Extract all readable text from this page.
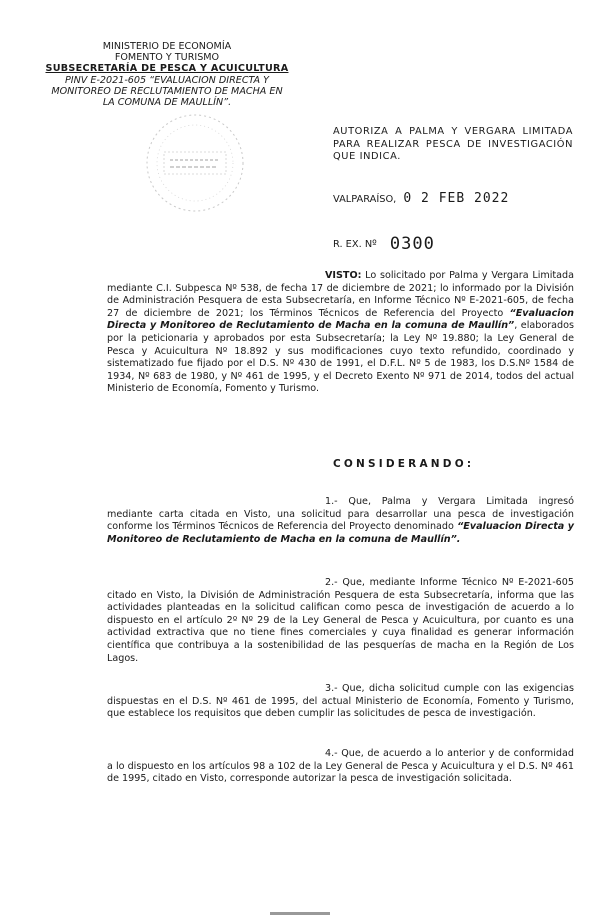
MINISTERIO DE ECONOMÍA
FOMENTO Y TURISMO
SUBSECRETARÍA DE PESCA Y ACUICULTURA
PINV E-2021-605 “EVALUACION DIRECTA Y
MONITOREO DE RECLUTAMIENTO DE MACHA EN
LA COMUNA DE MAULLÍN”.
AUTORIZA A PALMA Y VERGARA LIMITADA PARA REALIZAR PESCA DE INVESTIGACIÓN QUE INDICA.
VALPARAÍSO, 0 2 FEB 2022
R. EX. Nº 0300
VISTO: Lo solicitado por Palma y Vergara Limitada mediante C.I. Subpesca Nº 538, de fecha 17 de diciembre de 2021; lo informado por la División de Administración Pesquera de esta Subsecretaría, en Informe Técnico Nº E-2021-605, de fecha 27 de diciembre de 2021; los Términos Técnicos de Referencia del Proyecto “Evaluacion Directa y Monitoreo de Reclutamiento de Macha en la comuna de Maullín”, elaborados por la peticionaria y aprobados por esta Subsecretaría; la Ley Nº 19.880; la Ley General de Pesca y Acuicultura Nº 18.892 y sus modificaciones cuyo texto refundido, coordinado y sistematizado fue fijado por el D.S. Nº 430 de 1991, el D.F.L. Nº 5 de 1983, los D.S.Nº 1584 de 1934, Nº 683 de 1980, y Nº 461 de 1995, y el Decreto Exento Nº 971 de 2014, todos del actual Ministerio de Economía, Fomento y Turismo.
CONSIDERANDO:
1.- Que, Palma y Vergara Limitada ingresó mediante carta citada en Visto, una solicitud para desarrollar una pesca de investigación conforme los Términos Técnicos de Referencia del Proyecto denominado “Evaluacion Directa y Monitoreo de Reclutamiento de Macha en la comuna de Maullín”.
2.- Que, mediante Informe Técnico Nº E-2021-605 citado en Visto, la División de Administración Pesquera de esta Subsecretaría, informa que las actividades planteadas en la solicitud califican como pesca de investigación de acuerdo a lo dispuesto en el artículo 2º Nº 29 de la Ley General de Pesca y Acuicultura, por cuanto es una actividad extractiva que no tiene fines comerciales y cuya finalidad es generar información científica que contribuya a la sostenibilidad de las pesquerías de macha en la Región de Los Lagos.
3.- Que, dicha solicitud cumple con las exigencias dispuestas en el D.S. Nº 461 de 1995, del actual Ministerio de Economía, Fomento y Turismo, que establece los requisitos que deben cumplir las solicitudes de pesca de investigación.
4.- Que, de acuerdo a lo anterior y de conformidad a lo dispuesto en los artículos 98 a 102 de la Ley General de Pesca y Acuicultura y el D.S. Nº 461 de 1995, citado en Visto, corresponde autorizar la pesca de investigación solicitada.
